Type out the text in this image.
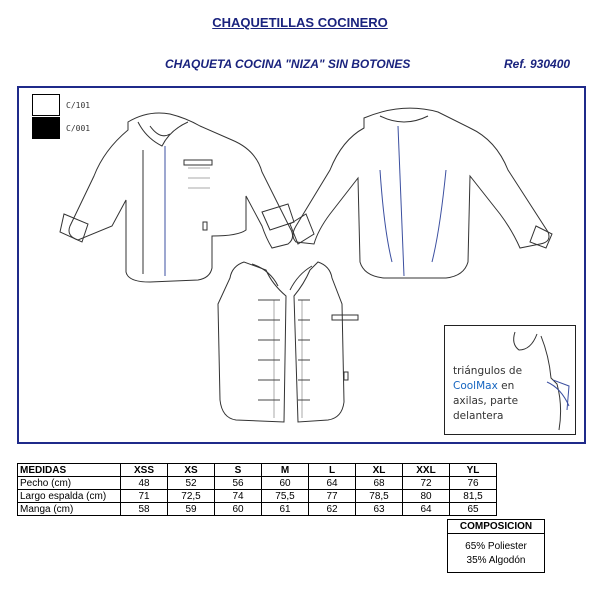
CHAQUETILLAS COCINERO
CHAQUETA COCINA "NIZA" SIN BOTONES	Ref. 930400
C/101
C/001
triángulos de
CoolMax en
axilas, parte
delantera
MEDIDAS	XSS	XS	S	M	L	XL	XXL	YL
Pecho (cm)	48	52	56	60	64	68	72	76
Largo espalda (cm)	71	72,5	74	75,5	77	78,5	80	81,5
Manga (cm)	58	59	60	61	62	63	64	65
COMPOSICION
65% Poliester
35% Algodón
